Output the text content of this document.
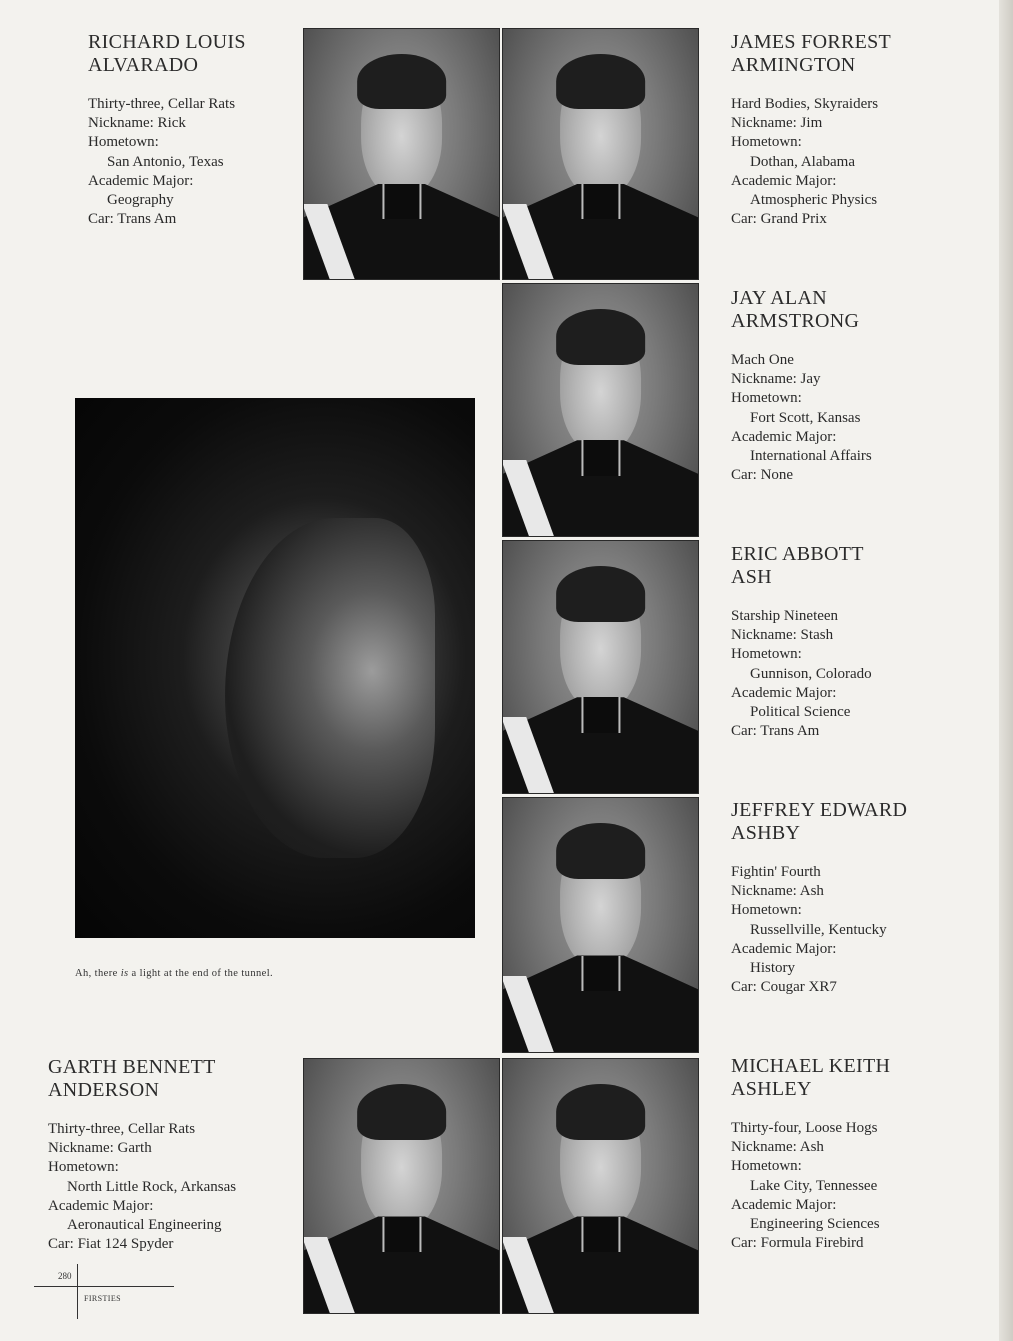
RICHARD LOUIS
ALVARADO
Thirty-three, Cellar Rats
Nickname: Rick
Hometown:
San Antonio, Texas
Academic Major:
Geography
Car: Trans Am
JAMES FORREST
ARMINGTON
Hard Bodies, Skyraiders
Nickname: Jim
Hometown:
Dothan, Alabama
Academic Major:
Atmospheric Physics
Car: Grand Prix
JAY ALAN
ARMSTRONG
Mach One
Nickname: Jay
Hometown:
Fort Scott, Kansas
Academic Major:
International Affairs
Car: None
ERIC ABBOTT
ASH
Starship Nineteen
Nickname: Stash
Hometown:
Gunnison, Colorado
Academic Major:
Political Science
Car: Trans Am
JEFFREY EDWARD
ASHBY
Fightin' Fourth
Nickname: Ash
Hometown:
Russellville, Kentucky
Academic Major:
History
Car: Cougar XR7
GARTH BENNETT
ANDERSON
Thirty-three, Cellar Rats
Nickname: Garth
Hometown:
North Little Rock, Arkansas
Academic Major:
Aeronautical Engineering
Car: Fiat 124 Spyder
MICHAEL KEITH
ASHLEY
Thirty-four, Loose Hogs
Nickname: Ash
Hometown:
Lake City, Tennessee
Academic Major:
Engineering Sciences
Car: Formula Firebird
Ah, there is a light at the end of the tunnel.
280
FIRSTIES
